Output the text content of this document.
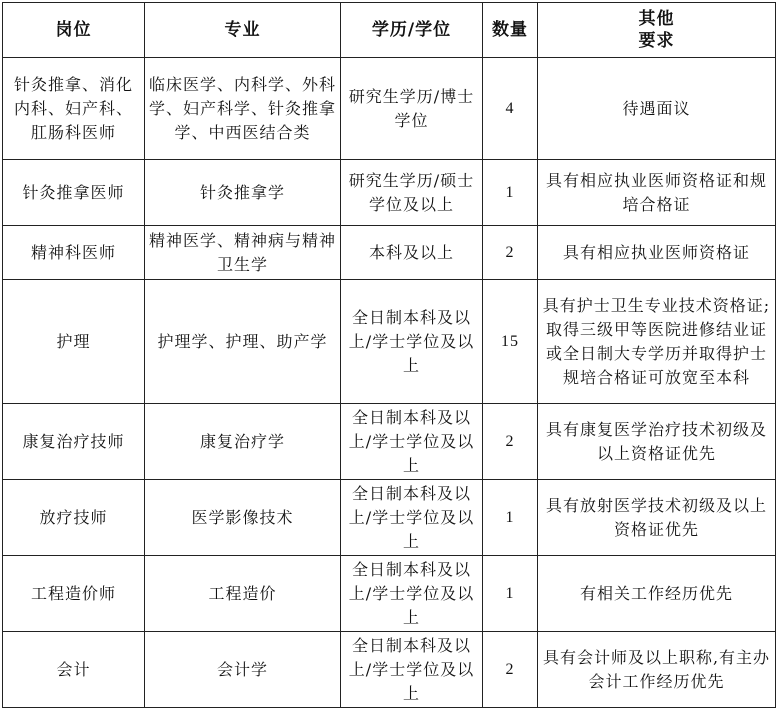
岗位	专业	学历/学位	数量	其他
要求
针灸推拿、消化内科、妇产科、肛肠科医师	临床医学、内科学、外科学、妇产科学、针灸推拿学、中西医结合类	研究生学历/博士学位	4	待遇面议
针灸推拿医师	针灸推拿学	研究生学历/硕士学位及以上	1	具有相应执业医师资格证和规培合格证
精神科医师	精神医学、精神病与精神卫生学	本科及以上	2	具有相应执业医师资格证
护理	护理学、护理、助产学	全日制本科及以上/学士学位及以上	15	具有护士卫生专业技术资格证;取得三级甲等医院进修结业证或全日制大专学历并取得护士规培合格证可放宽至本科
康复治疗技师	康复治疗学	全日制本科及以上/学士学位及以上	2	具有康复医学治疗技术初级及以上资格证优先
放疗技师	医学影像技术	全日制本科及以上/学士学位及以上	1	具有放射医学技术初级及以上资格证优先
工程造价师	工程造价	全日制本科及以上/学士学位及以上	1	有相关工作经历优先
会计	会计学	全日制本科及以上/学士学位及以上	2	具有会计师及以上职称,有主办会计工作经历优先
